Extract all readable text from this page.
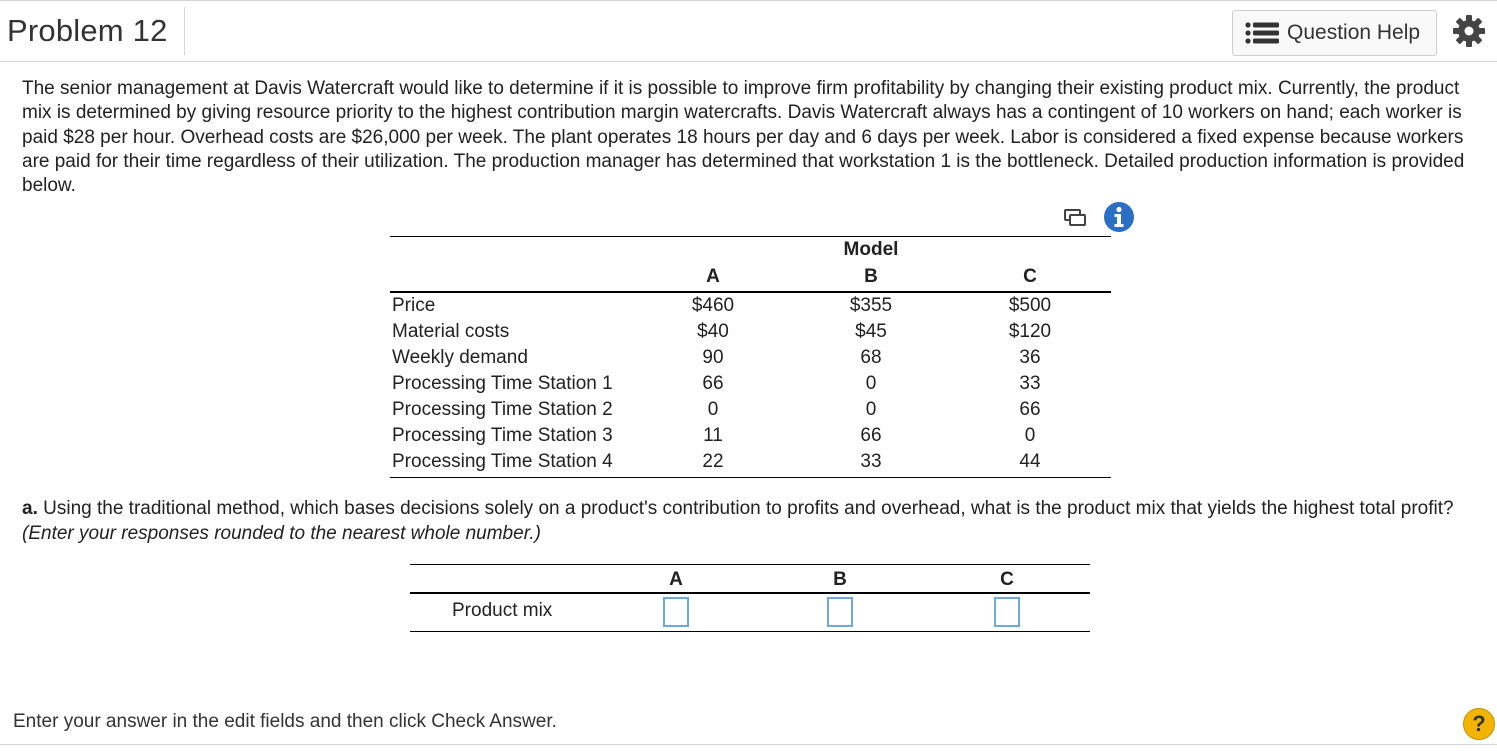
Problem 12	Question Help
The senior management at Davis Watercraft would like to determine if it is possible to improve firm profitability by changing their existing product mix. Currently, the product mix is determined by giving resource priority to the highest contribution margin watercrafts. Davis Watercraft always has a contingent of 10 workers on hand; each worker is paid $28 per hour. Overhead costs are $26,000 per week. The plant operates 18 hours per day and 6 days per week. Labor is considered a fixed expense because workers are paid for their time regardless of their utilization. The production manager has determined that workstation 1 is the bottleneck. Detailed production information is provided below.
Model
A	B	C
Price	$460	$355	$500
Material costs	$40	$45	$120
Weekly demand	90	68	36
Processing Time Station 1	66	0	33
Processing Time Station 2	0	0	66
Processing Time Station 3	11	66	0
Processing Time Station 4	22	33	44
a. Using the traditional method, which bases decisions solely on a product's contribution to profits and overhead, what is the product mix that yields the highest total profit? (Enter your responses rounded to the nearest whole number.)
A	B	C
Product mix
Enter your answer in the edit fields and then click Check Answer.	?
